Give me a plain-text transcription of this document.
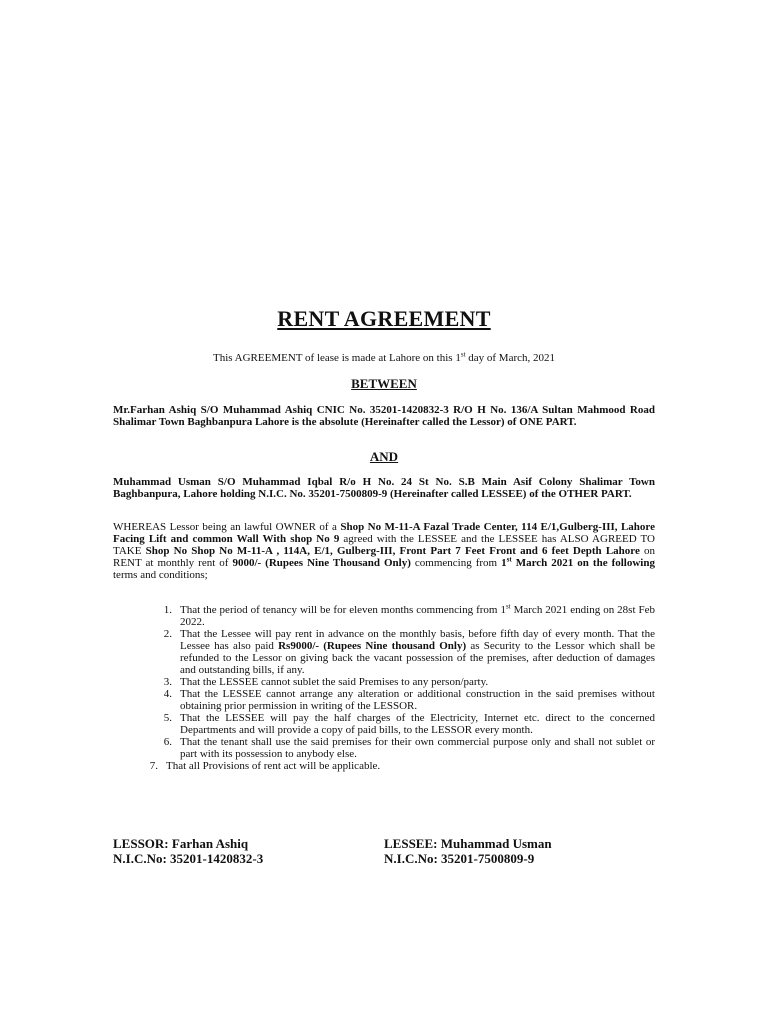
RENT AGREEMENT
This AGREEMENT of lease is made at Lahore on this 1st day of March, 2021
BETWEEN

Mr.Farhan Ashiq S/O Muhammad Ashiq CNIC No. 35201-1420832-3 R/O H No. 136/A Sultan Mahmood Road Shalimar Town Baghbanpura Lahore is the absolute (Hereinafter called the Lessor) of ONE PART.

AND

Muhammad Usman S/O Muhammad Iqbal R/o H No. 24 St No. S.B Main Asif Colony Shalimar Town Baghbanpura, Lahore holding N.I.C. No. 35201-7500809-9 (Hereinafter called LESSEE) of the OTHER PART.

WHEREAS Lessor being an lawful OWNER of a Shop No M-11-A Fazal Trade Center, 114 E/1,Gulberg-III, Lahore Facing Lift and common Wall With shop No 9 agreed with the LESSEE and the LESSEE has ALSO AGREED TO TAKE Shop No Shop No M-11-A , 114A, E/1, Gulberg-III, Front Part 7 Feet Front and 6 feet Depth Lahore on RENT at monthly rent of 9000/- (Rupees Nine Thousand Only) commencing from 1st March 2021 on the following terms and conditions;

1. That the period of tenancy will be for eleven months commencing from 1st March 2021 ending on 28st Feb 2022.
2. That the Lessee will pay rent in advance on the monthly basis, before fifth day of every month. That the Lessee has also paid Rs9000/- (Rupees Nine thousand Only) as Security to the Lessor which shall be refunded to the Lessor on giving back the vacant possession of the premises, after deduction of damages and outstanding bills, if any.
3. That the LESSEE cannot sublet the said Premises to any person/party.
4. That the LESSEE cannot arrange any alteration or additional construction in the said premises without obtaining prior permission in writing of the LESSOR.
5. That the LESSEE will pay the half charges of the Electricity, Internet etc. direct to the concerned Departments and will provide a copy of paid bills, to the LESSOR every month.
6. That the tenant shall use the said premises for their own commercial purpose only and shall not sublet or part with its possession to anybody else.
7. That all Provisions of rent act will be applicable.
LESSOR: Farhan Ashiq
N.I.C.No: 35201-1420832-3
LESSEE: Muhammad Usman
N.I.C.No: 35201-7500809-9
